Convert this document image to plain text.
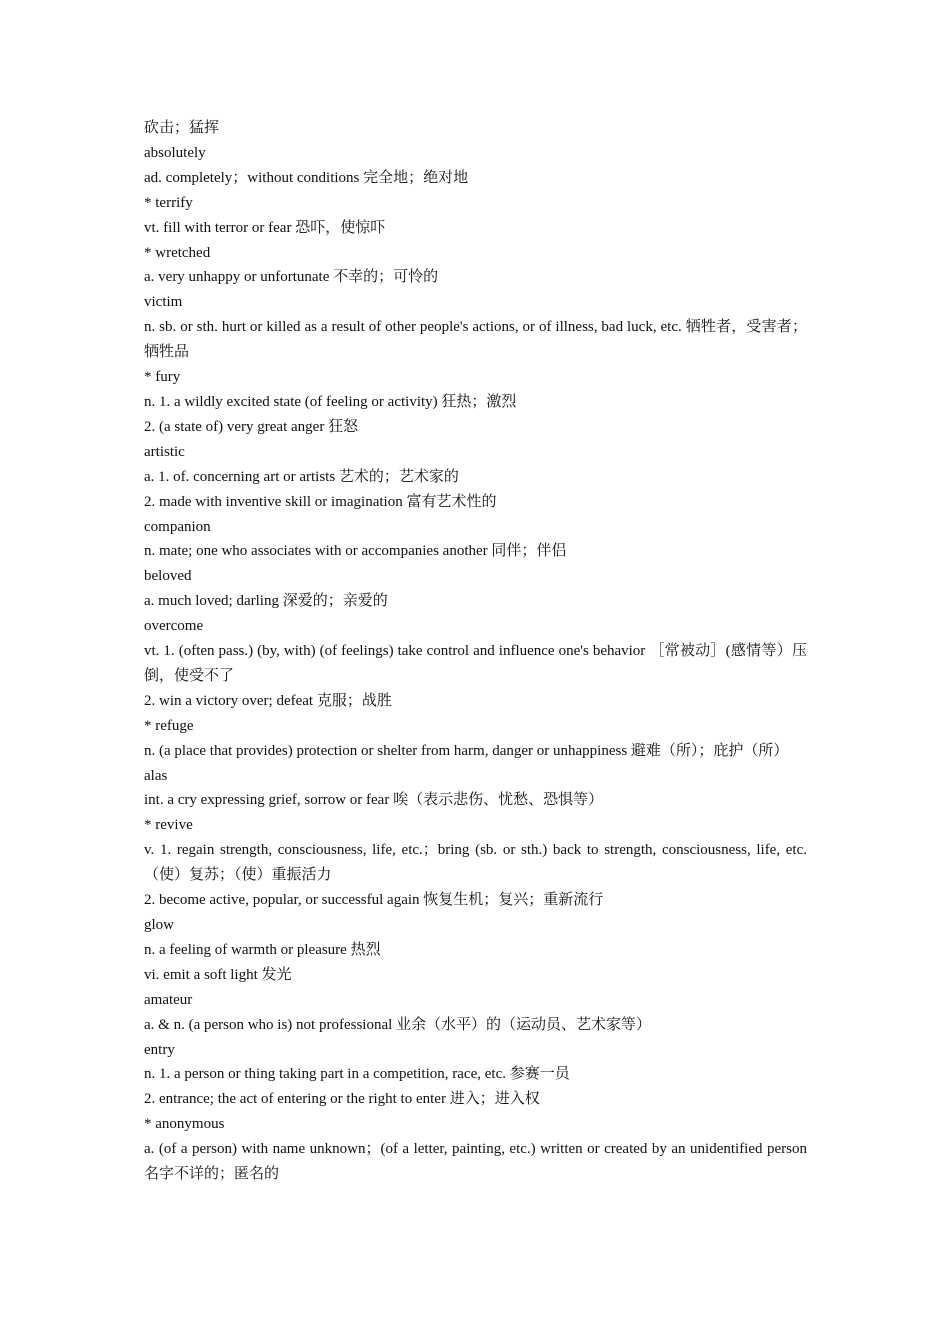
砍击；猛挥

absolutely

ad. completely；without conditions 完全地；绝对地

* terrify

vt. fill with terror or fear 恐吓，使惊吓

* wretched

a. very unhappy or unfortunate 不幸的；可怜的

victim

n. sb. or sth. hurt or killed as a result of other people's actions, or of illness, bad luck, etc. 牺牲者，受害者；牺牲品

* fury

n. 1. a wildly excited state (of feeling or activity) 狂热；激烈

2. (a state of) very great anger 狂怒

artistic

a. 1. of. concerning art or artists 艺术的；艺术家的

2. made with inventive skill or imagination 富有艺术性的

companion

n. mate; one who associates with or accompanies another 同伴；伴侣

beloved

a. much loved; darling 深爱的；亲爱的

overcome

vt. 1. (often pass.) (by, with) (of feelings) take control and influence one's behavior ［常被动］(感情等）压倒，使受不了

2. win a victory over; defeat 克服；战胜

* refuge

n. (a place that provides) protection or shelter from harm, danger or unhappiness 避难（所）；庇护（所）

alas

int. a cry expressing grief, sorrow or fear 唉（表示悲伤、忧愁、恐惧等）

* revive

v. 1. regain strength, consciousness, life, etc.；bring (sb. or sth.) back to strength, consciousness, life, etc. （使）复苏；（使）重振活力

2. become active, popular, or successful again 恢复生机；复兴；重新流行

glow

n. a feeling of warmth or pleasure 热烈

vi. emit a soft light 发光

amateur

a. & n. (a person who is) not professional 业余（水平）的（运动员、艺术家等）

entry

n. 1. a person or thing taking part in a competition, race, etc. 参赛一员

2. entrance; the act of entering or the right to enter 进入；进入权

* anonymous

a. (of a person) with name unknown；(of a letter, painting, etc.) written or created by an unidentified person 名字不详的；匿名的
